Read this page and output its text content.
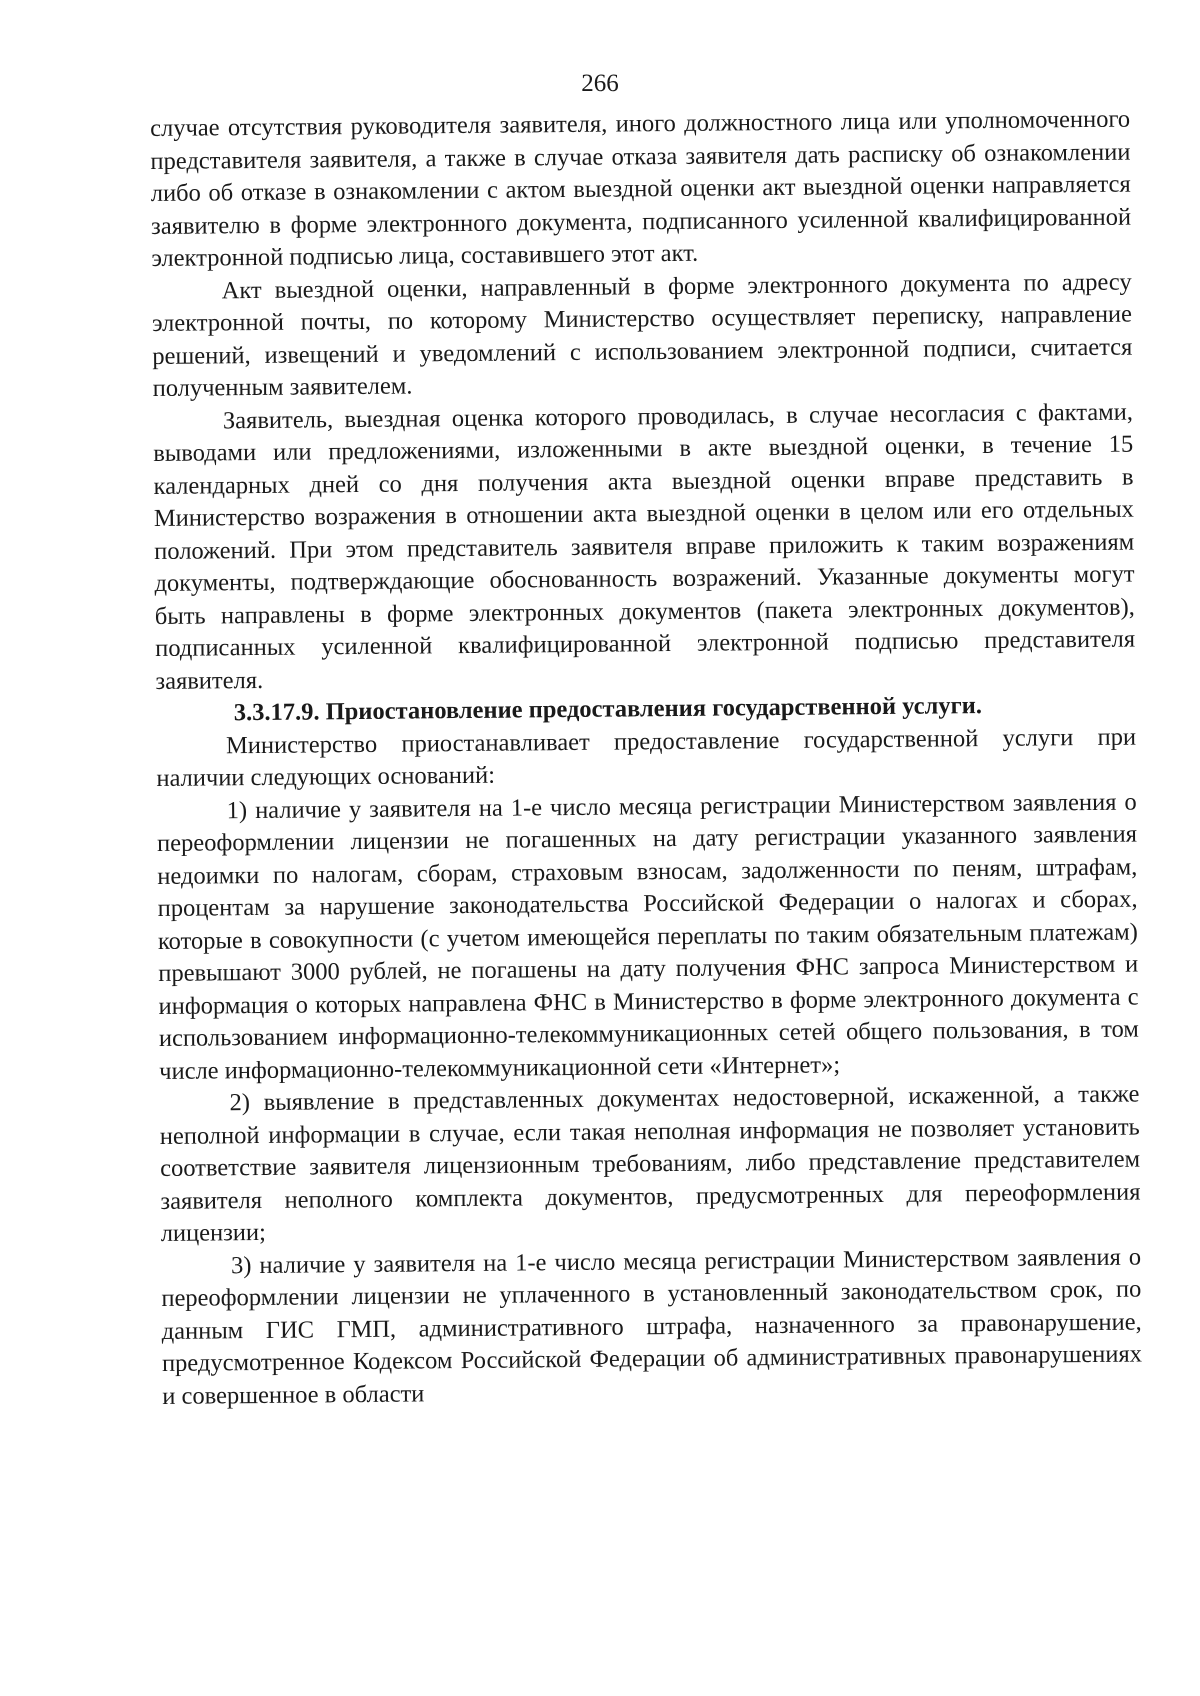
266

случае отсутствия руководителя заявителя, иного должностного лица или уполномоченного представителя заявителя, а также в случае отказа заявителя дать расписку об ознакомлении либо об отказе в ознакомлении с актом выездной оценки акт выездной оценки направляется заявителю в форме электронного документа, подписанного усиленной квалифицированной электронной подписью лица, составившего этот акт.

Акт выездной оценки, направленный в форме электронного документа по адресу электронной почты, по которому Министерство осуществляет переписку, направление решений, извещений и уведомлений с использованием электронной подписи, считается полученным заявителем.

Заявитель, выездная оценка которого проводилась, в случае несогласия с фактами, выводами или предложениями, изложенными в акте выездной оценки, в течение 15 календарных дней со дня получения акта выездной оценки вправе представить в Министерство возражения в отношении акта выездной оценки в целом или его отдельных положений. При этом представитель заявителя вправе приложить к таким возражениям документы, подтверждающие обоснованность возражений. Указанные документы могут быть направлены в форме электронных документов (пакета электронных документов), подписанных усиленной квалифицированной электронной подписью представителя заявителя.

3.3.17.9. Приостановление предоставления государственной услуги.

Министерство приостанавливает предоставление государственной услуги при наличии следующих оснований:

1) наличие у заявителя на 1-е число месяца регистрации Министерством заявления о переоформлении лицензии не погашенных на дату регистрации указанного заявления недоимки по налогам, сборам, страховым взносам, задолженности по пеням, штрафам, процентам за нарушение законодательства Российской Федерации о налогах и сборах, которые в совокупности (с учетом имеющейся переплаты по таким обязательным платежам) превышают 3000 рублей, не погашены на дату получения ФНС запроса Министерством и информация о которых направлена ФНС в Министерство в форме электронного документа с использованием информационно-телекоммуникационных сетей общего пользования, в том числе информационно-телекоммуникационной сети «Интернет»;

2) выявление в представленных документах недостоверной, искаженной, а также неполной информации в случае, если такая неполная информация не позволяет установить соответствие заявителя лицензионным требованиям, либо представление представителем заявителя неполного комплекта документов, предусмотренных для переоформления лицензии;

3) наличие у заявителя на 1-е число месяца регистрации Министерством заявления о переоформлении лицензии не уплаченного в установленный законодательством срок, по данным ГИС ГМП, административного штрафа, назначенного за правонарушение, предусмотренное Кодексом Российской Федерации об административных правонарушениях и совершенное в области
